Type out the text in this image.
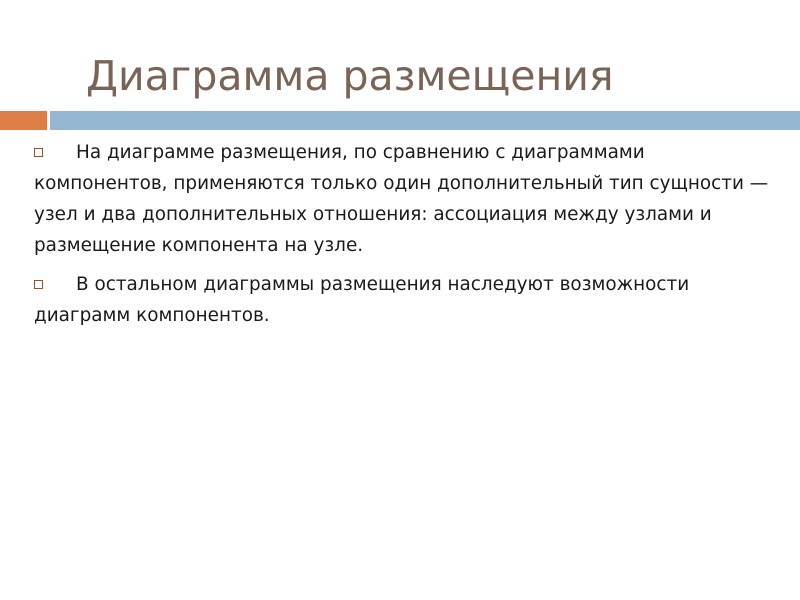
Диаграмма размещения

На диаграмме размещения, по сравнению с диаграммами компонентов, применяются только один дополнительный тип сущности — узел и два дополнительных отношения: ассоциация между узлами и размещение компонента на узле.

В остальном диаграммы размещения наследуют возможности диаграмм компонентов.
